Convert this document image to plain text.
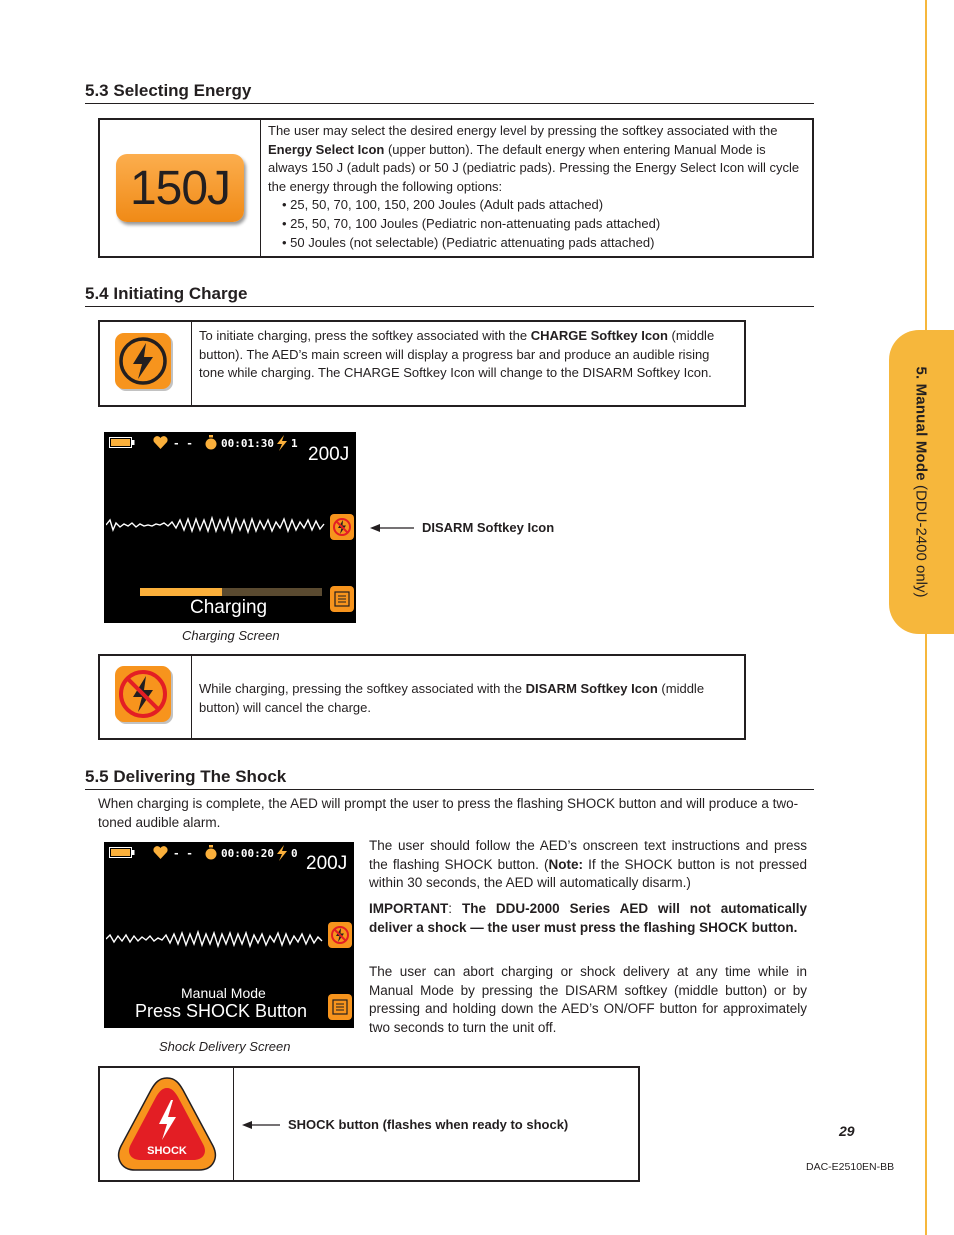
5. Manual Mode (DDU-2400 only)
5.3 Selecting Energy
150J
The user may select the desired energy level by pressing the softkey associated with the Energy Select Icon (upper button). The default energy when entering Manual Mode is always 150 J (adult pads) or 50 J (pediatric pads). Pressing the Energy Select Icon will cycle the energy through the following options:
• 25, 50, 70, 100, 150, 200 Joules (Adult pads attached)
• 25, 50, 70, 100 Joules (Pediatric non-attenuating pads attached)
• 50 Joules (not selectable) (Pediatric attenuating pads attached)
5.4 Initiating Charge
To initiate charging, press the softkey associated with the CHARGE Softkey Icon (middle button). The AED’s main screen will display a progress bar and produce an audible rising tone while charging. The CHARGE Softkey Icon will change to the DISARM Softkey Icon.
- -	00:01:30 1
200J
Charging
Charging Screen
DISARM Softkey Icon
While charging, pressing the softkey associated with the DISARM Softkey Icon (middle button) will cancel the charge.
5.5 Delivering The Shock
When charging is complete, the AED will prompt the user to press the flashing SHOCK button and will produce a two-toned audible alarm.
- -	00:00:20 0 200J
Manual Mode
Press SHOCK Button
Shock Delivery Screen
The user should follow the AED’s onscreen text instructions and press the flashing SHOCK button. (Note: If the SHOCK button is not pressed within 30 seconds, the AED will automatically disarm.)
IMPORTANT: The DDU-2000 Series AED will not automatically deliver a shock — the user must press the flashing SHOCK button.
The user can abort charging or shock delivery at any time while in Manual Mode by pressing the DISARM softkey (middle button) or by pressing and holding down the AED’s ON/OFF button for approximately two seconds to turn the unit off.
SHOCK
SHOCK button (flashes when ready to shock)	29
DAC-E2510EN-BB
